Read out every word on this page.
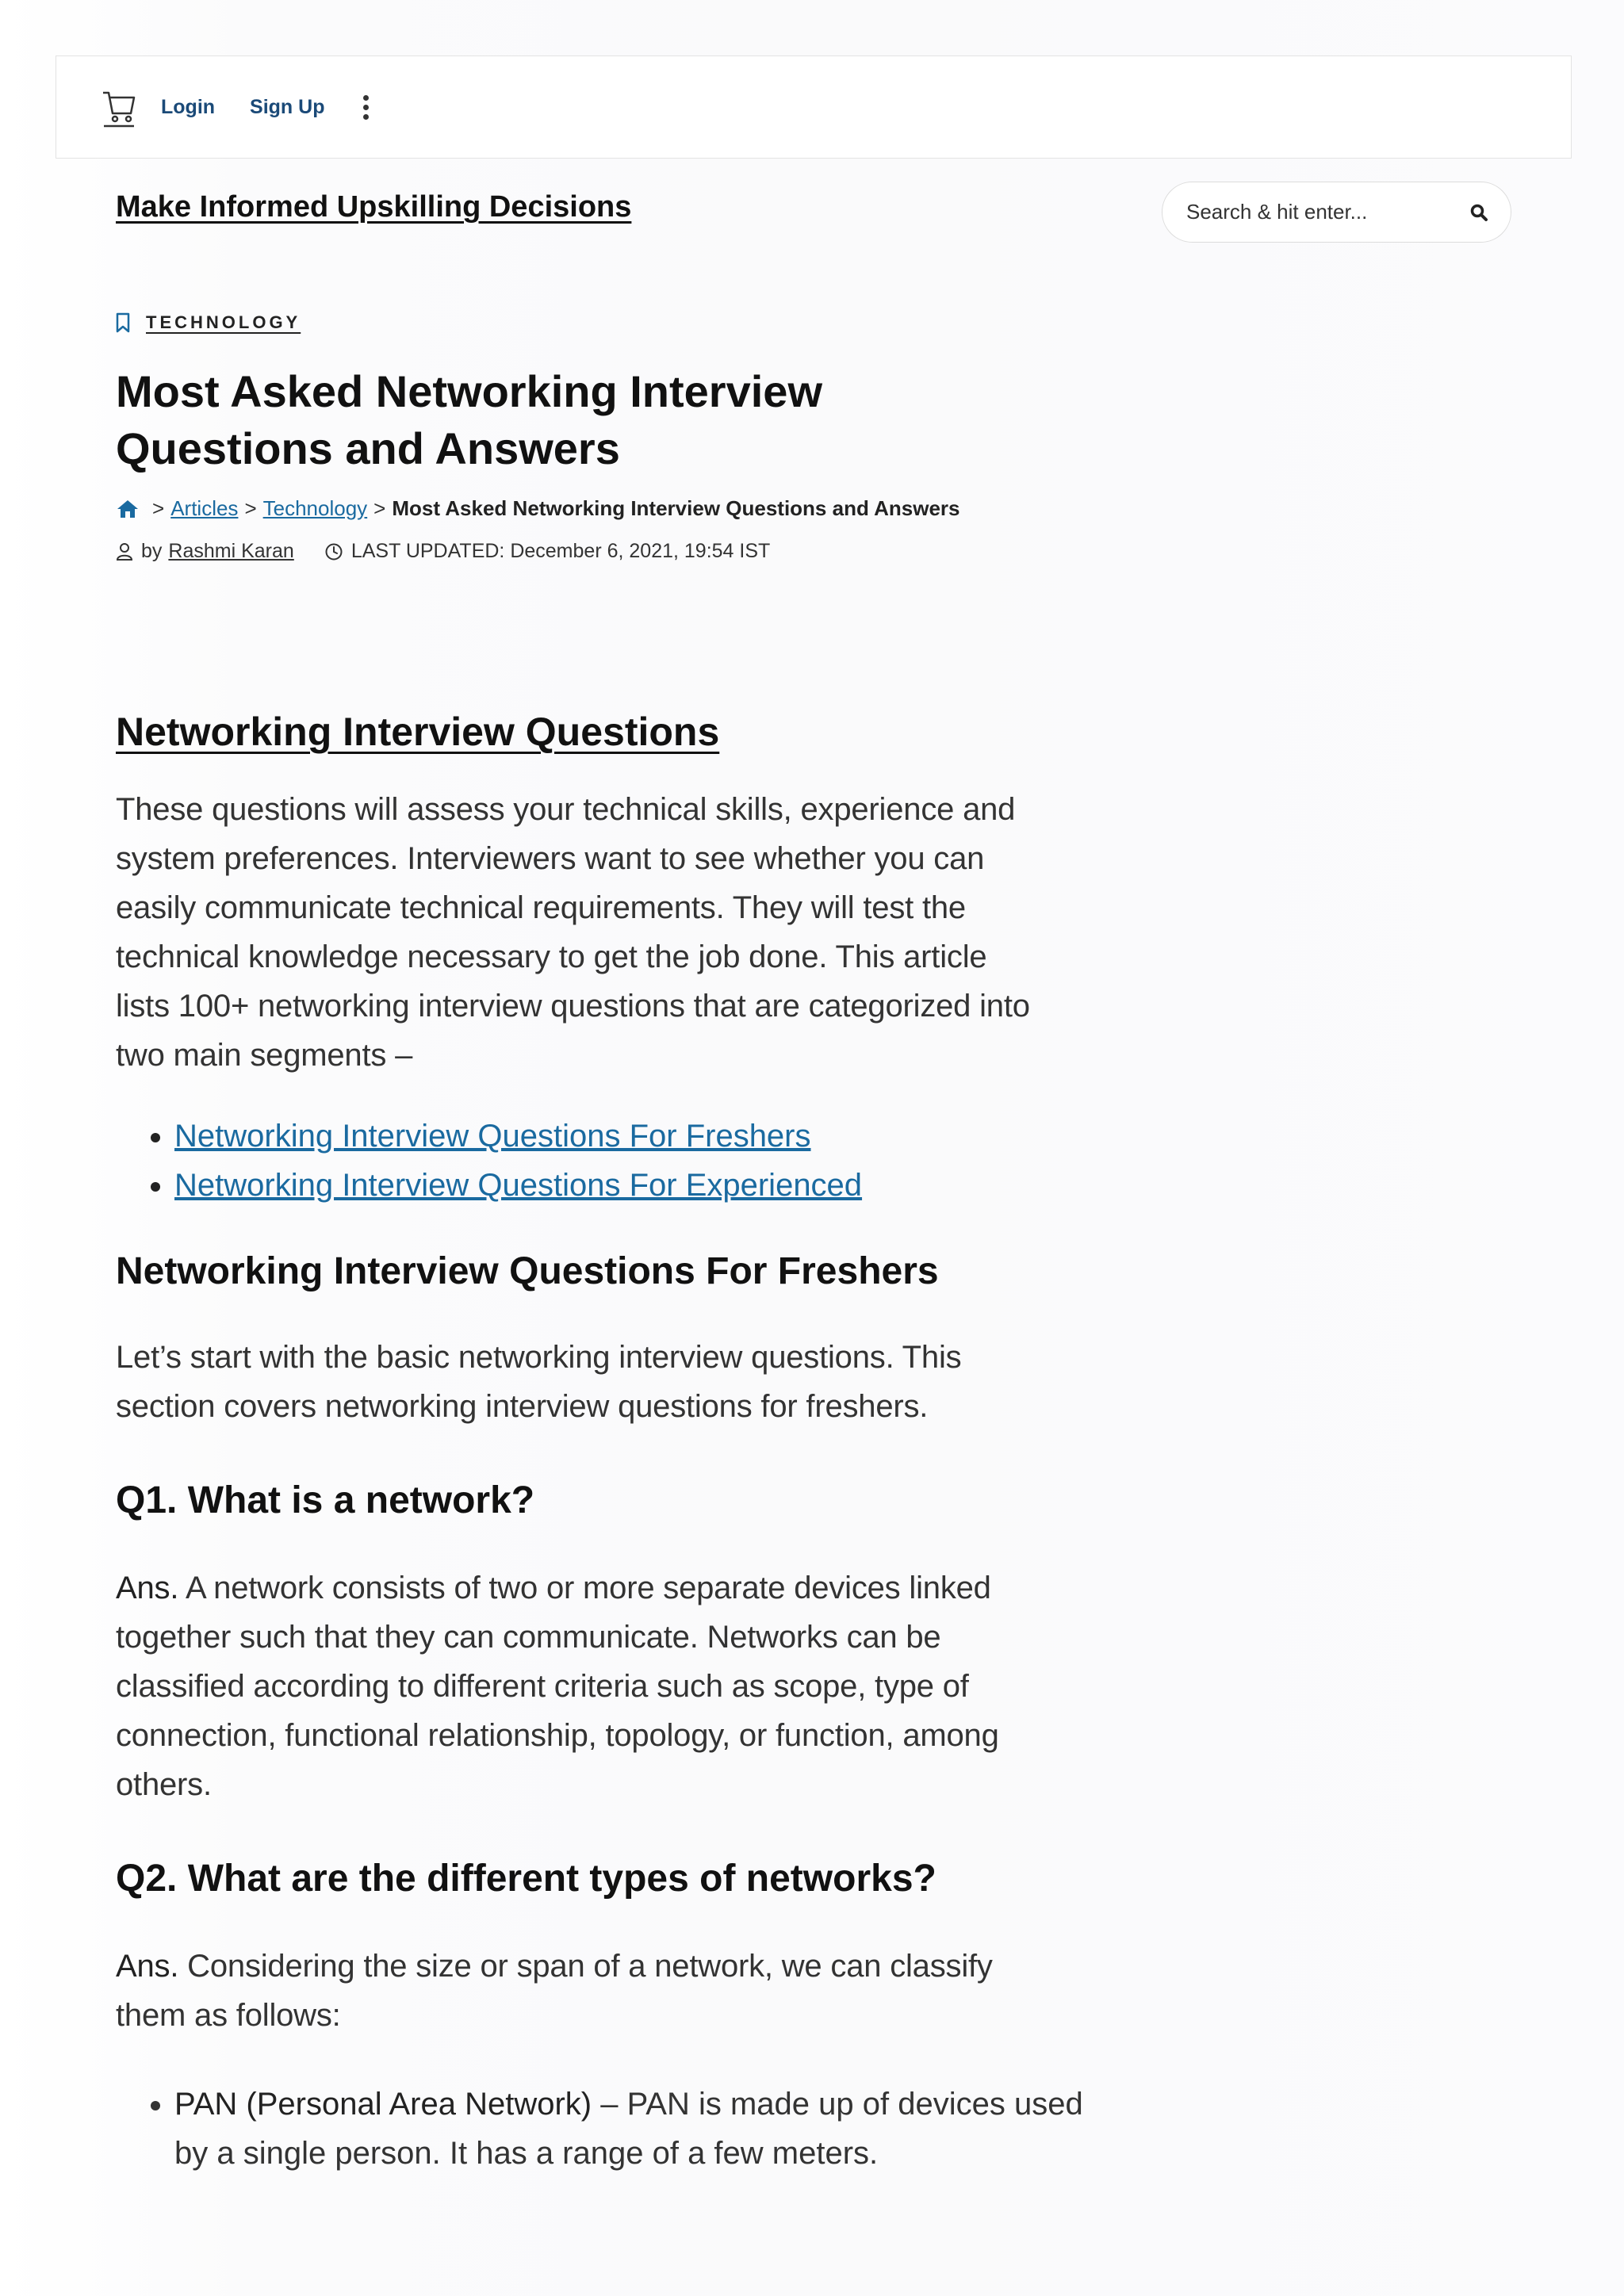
Login Sign Up
Make Informed Upskilling Decisions
Search & hit enter...
TECHNOLOGY
Most Asked Networking Interview Questions and Answers
> Articles > Technology > Most Asked Networking Interview Questions and Answers
by Rashmi Karan	LAST UPDATED: December 6, 2021, 19:54 IST
Networking Interview Questions

These questions will assess your technical skills, experience and system preferences. Interviewers want to see whether you can easily communicate technical requirements. They will test the technical knowledge necessary to get the job done. This article lists 100+ networking interview questions that are categorized into two main segments –

• Networking Interview Questions For Freshers
• Networking Interview Questions For Experienced
Networking Interview Questions For Freshers

Let’s start with the basic networking interview questions. This section covers networking interview questions for freshers.

Q1. What is a network?

Ans. A network consists of two or more separate devices linked together such that they can communicate. Networks can be classified according to different criteria such as scope, type of connection, functional relationship, topology, or function, among others.

Q2. What are the different types of networks?

Ans. Considering the size or span of a network, we can classify them as follows:

• PAN (Personal Area Network) – PAN is made up of devices used by a single person. It has a range of a few meters.
